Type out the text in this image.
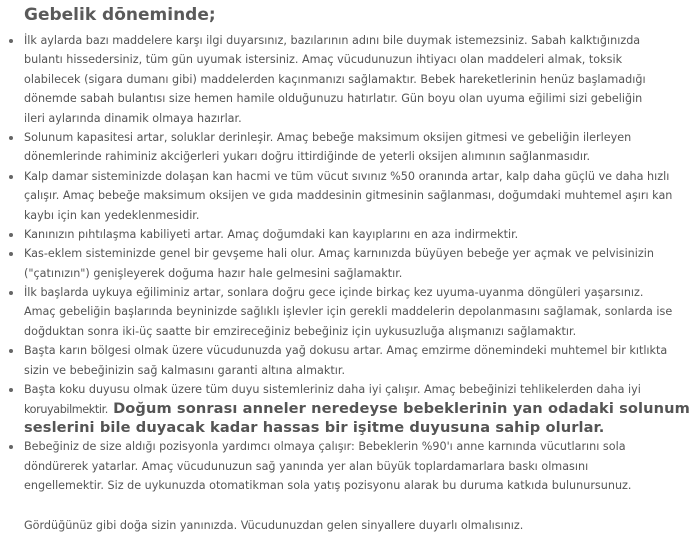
Gebelik dōneminde;
İlk aylarda bazı maddelere karşı ilgi duyarsınız, bazılarının adını bile duymak istemezsiniz. Sabah kalktığınızda
bulantı hissedersiniz, tüm gün uyumak istersiniz. Amaç vücudunuzun ihtiyacı olan maddeleri almak, toksik
olabilecek (sigara dumanı gibi) maddelerden kaçınmanızı sağlamaktır. Bebek hareketlerinin henüz başlamadığı
dönemde sabah bulantısı size hemen hamile olduğunuzu hatırlatır. Gün boyu olan uyuma eğilimi sizi gebeliğin
ileri aylarında dinamik olmaya hazırlar.
Solunum kapasitesi artar, soluklar derinleşir. Amaç bebeğe maksimum oksijen gitmesi ve gebeliğin ilerleyen
dönemlerinde rahiminiz akciğerleri yukarı doğru ittirdiğinde de yeterli oksijen alımının sağlanmasıdır.
Kalp damar sisteminizde dolaşan kan hacmi ve tüm vücut sıvınız %50 oranında artar, kalp daha güçlü ve daha hızlı
çalışır. Amaç bebeğe maksimum oksijen ve gıda maddesinin gitmesinin sağlanması, doğumdaki muhtemel aşırı kan
kaybı için kan yedeklenmesidir.
Kanınızın pıhtılaşma kabiliyeti artar. Amaç doğumdaki kan kayıplarını en aza indirmektir.
Kas-eklem sisteminizde genel bir gevşeme hali olur. Amaç karnınızda büyüyen bebeğe yer açmak ve pelvisinizin
("çatınızın") genişleyerek doğuma hazır hale gelmesini sağlamaktır.
İlk başlarda uykuya eğiliminiz artar, sonlara doğru gece içinde birkaç kez uyuma-uyanma döngüleri yaşarsınız.
Amaç gebeliğin başlarında beyninizde sağlıklı işlevler için gerekli maddelerin depolanmasını sağlamak, sonlarda ise
doğduktan sonra iki-üç saatte bir emzireceğiniz bebeğiniz için uykusuzluğa alışmanızı sağlamaktır.
Başta karın bölgesi olmak üzere vücudunuzda yağ dokusu artar. Amaç emzirme dönemindeki muhtemel bir kıtlıkta
sizin ve bebeğinizin sağ kalmasını garanti altına almaktır.
Başta koku duyusu olmak üzere tüm duyu sistemleriniz daha iyi çalışır. Amaç bebeğinizi tehlikelerden daha iyi
koruyabilmektir. Doğum sonrası anneler neredeyse bebeklerinin yan odadaki solunum
seslerini bile duyacak kadar hassas bir işitme duyusuna sahip olurlar.
Bebeğiniz de size aldığı pozisyonla yardımcı olmaya çalışır: Bebeklerin %90'ı anne karnında vücutlarını sola
döndürerek yatarlar. Amaç vücudunuzun sağ yanında yer alan büyük toplardamarlara baskı olmasını
engellemektir. Siz de uykunuzda otomatikman sola yatış pozisyonu alarak bu duruma katkıda bulunursunuz.

Gördüğünüz gibi doğa sizin yanınızda. Vücudunuzdan gelen sinyallere duyarlı olmalısınız.
